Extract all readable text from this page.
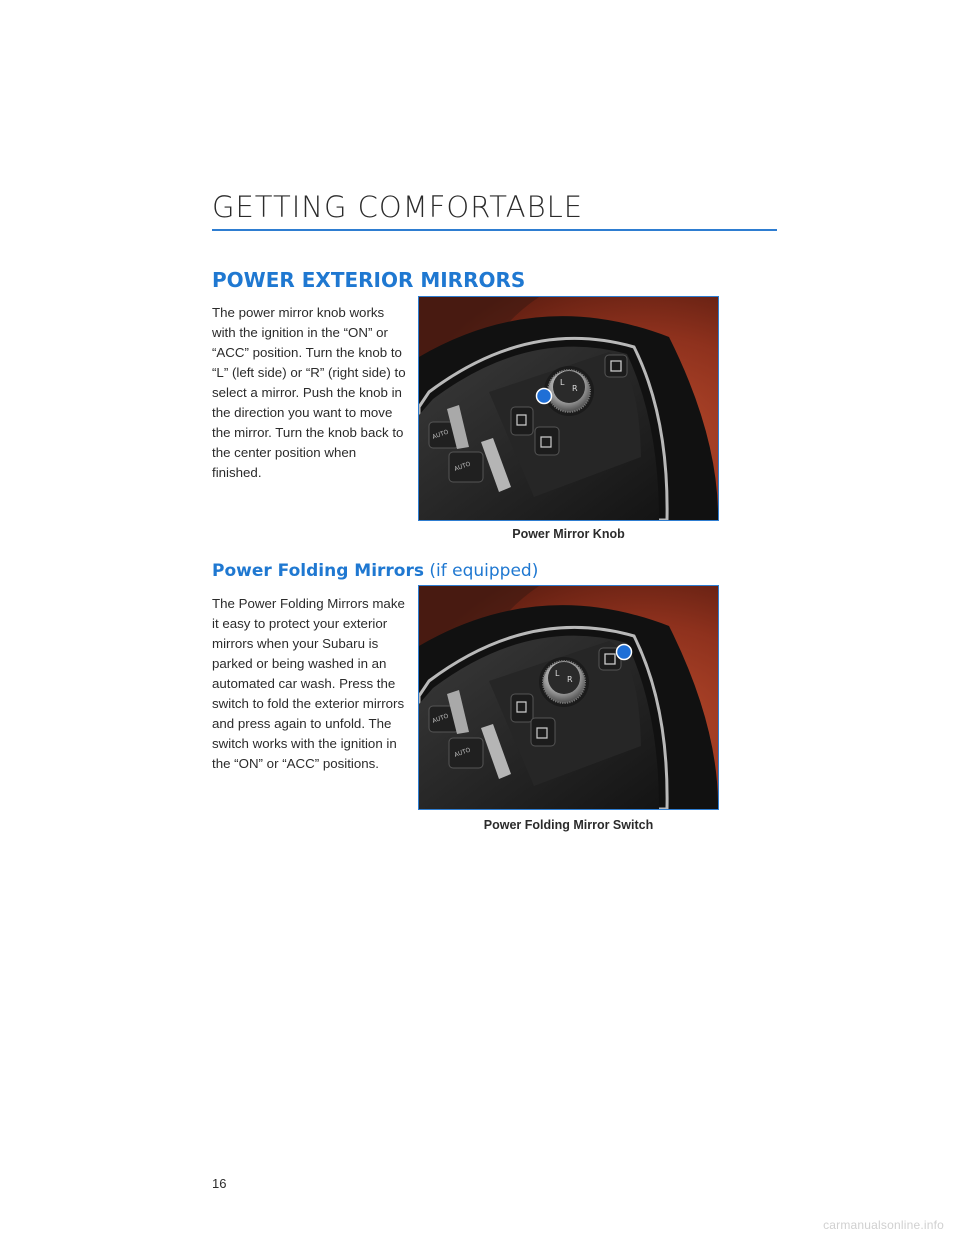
GETTING COMFORTABLE
POWER EXTERIOR MIRRORS
The power mirror knob works with the ignition in the “ON” or “ACC” position. Turn the knob to “L” (left side) or “R” (right side) to select a mirror. Push the knob in the direction you want to move the mirror. Turn the knob back to the center position when finished.
L
R
AUTO
AUTO
Power Mirror Knob
Power Folding Mirrors (if equipped)
The Power Folding Mirrors make it easy to protect your exterior mirrors when your Subaru is parked or being washed in an automated car wash. Press the switch to fold the exterior mirrors and press again to unfold. The switch works with the ignition in the “ON” or “ACC” positions.
L
R
AUTO
AUTO
Power Folding Mirror Switch
16
carmanualsonline.info
